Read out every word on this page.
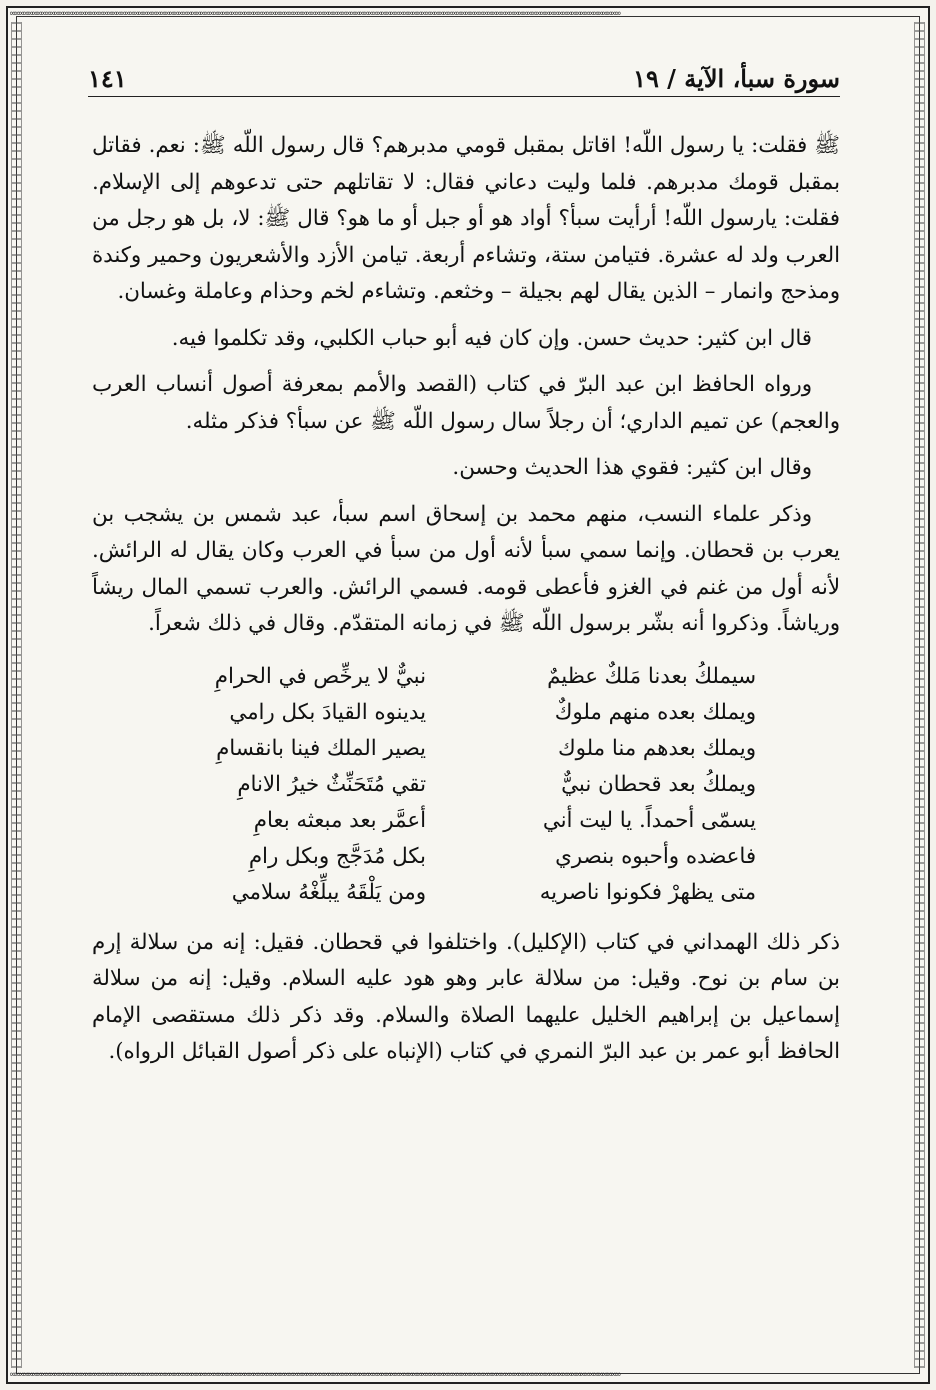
∞∞∞∞∞∞∞∞∞∞∞∞∞∞∞∞∞∞∞∞∞∞∞∞∞∞∞∞∞∞∞∞∞∞∞∞∞∞∞∞∞∞∞∞∞∞∞∞∞∞∞∞∞∞∞∞∞∞∞∞∞∞∞∞∞∞∞∞∞∞∞∞∞∞∞∞∞∞∞∞∞∞∞∞∞∞∞∞∞∞∞∞∞∞∞∞∞∞∞∞∞∞∞∞∞∞∞∞∞∞∞∞∞∞∞∞∞∞∞∞∞∞∞∞∞∞∞∞∞∞∞∞∞∞∞∞∞∞
∞∞∞∞∞∞∞∞∞∞∞∞∞∞∞∞∞∞∞∞∞∞∞∞∞∞∞∞∞∞∞∞∞∞∞∞∞∞∞∞∞∞∞∞∞∞∞∞∞∞∞∞∞∞∞∞∞∞∞∞∞∞∞∞∞∞∞∞∞∞∞∞∞∞∞∞∞∞∞∞∞∞∞∞∞∞∞∞∞∞∞∞∞∞∞∞∞∞∞∞∞∞∞∞∞∞∞∞∞∞∞∞∞∞∞∞∞∞∞∞∞∞∞∞∞∞∞∞∞∞∞∞∞∞∞∞∞∞
سورة سبأ، الآية / ١٩
١٤١

ﷺ فقلت: يا رسول اللّه! اقاتل بمقبل قومي مدبرهم؟ قال رسول اللّه ﷺ: نعم. فقاتل بمقبل قومك مدبرهم. فلما وليت دعاني فقال: لا تقاتلهم حتى تدعوهم إلى الإسلام. فقلت: يارسول اللّه! أرأيت سبأ؟ أواد هو أو جبل أو ما هو؟ قال ﷺ: لا، بل هو رجل من العرب ولد له عشرة. فتيامن ستة، وتشاءم أربعة. تيامن الأزد والأشعريون وحمير وكندة ومذحج وانمار – الذين يقال لهم بجيلة – وخثعم. وتشاءم لخم وحذام وعاملة وغسان.

قال ابن كثير: حديث حسن. وإن كان فيه أبو حباب الكلبي، وقد تكلموا فيه.

ورواه الحافظ ابن عبد البرّ في كتاب (القصد والأمم بمعرفة أصول أنساب العرب والعجم) عن تميم الداري؛ أن رجلاً سال رسول اللّه ﷺ عن سبأ؟ فذكر مثله.

وقال ابن كثير: فقوي هذا الحديث وحسن.

وذكر علماء النسب، منهم محمد بن إسحاق اسم سبأ، عبد شمس بن يشجب بن يعرب بن قحطان. وإنما سمي سبأ لأنه أول من سبأ في العرب وكان يقال له الرائش. لأنه أول من غنم في الغزو فأعطى قومه. فسمي الرائش. والعرب تسمي المال ريشاً ورياشاً. وذكروا أنه بشّر برسول اللّه ﷺ في زمانه المتقدّم. وقال في ذلك شعراً.

سيملكُ بعدنا مَلكٌ عظيمٌ
نبيٌّ لا يرخِّص في الحرامِ
ويملك بعده منهم ملوكٌ
يدينوه القيادَ بكل رامي
ويملك بعدهم منا ملوك
يصير الملك فينا بانقسامِ
ويملكُ بعد قحطان نبيٌّ
تقي مُتَحَنِّثٌ خيرُ الانامِ
يسمّى أحمداً. يا ليت أني
أعمَّر بعد مبعثه بعامِ
فاعضده وأحبوه بنصري
بكل مُدَجَّج وبكل رامِ
متى يظهرْ فكونوا ناصريه
ومن يَلْقَهُ يبلِّغْهُ سلامي

ذكر ذلك الهمداني في كتاب (الإكليل). واختلفوا في قحطان. فقيل: إنه من سلالة إرم بن سام بن نوح. وقيل: من سلالة عابر وهو هود عليه السلام. وقيل: إنه من سلالة إسماعيل بن إبراهيم الخليل عليهما الصلاة والسلام. وقد ذكر ذلك مستقصى الإمام الحافظ أبو عمر بن عبد البرّ النمري في كتاب (الإنباه على ذكر أصول القبائل الرواه).
